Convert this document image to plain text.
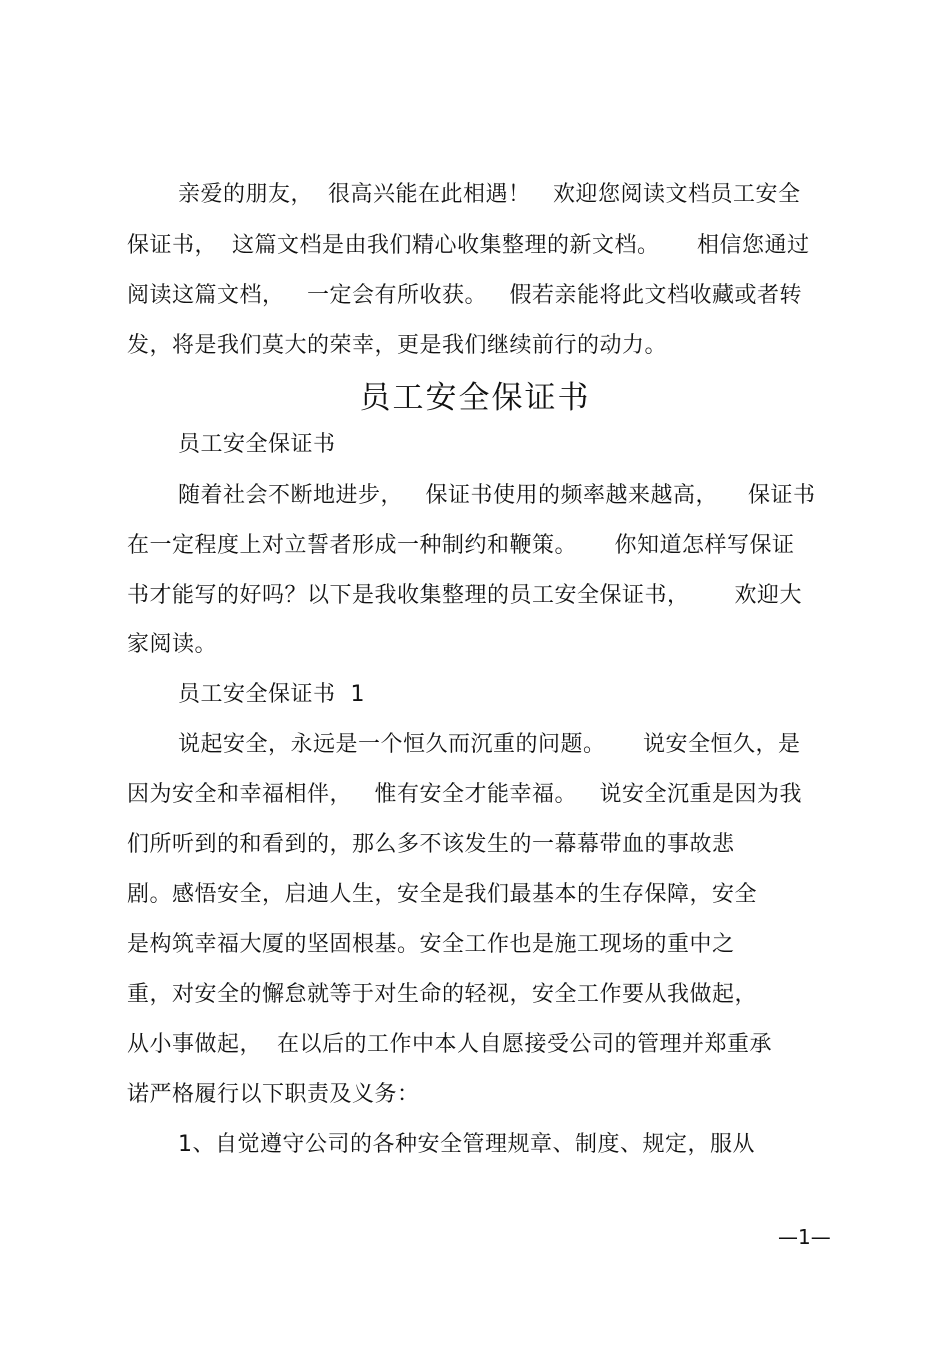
亲爱的朋友，  很高兴能在此相遇！   欢迎您阅读文档员工安全
保证书，  这篇文档是由我们精心收集整理的新文档。     相信您通过
阅读这篇文档，   一定会有所收获。   假若亲能将此文档收藏或者转
发，将是我们莫大的荣幸，更是我们继续前行的动力。
员工安全保证书
员工安全保证书
随着社会不断地进步，   保证书使用的频率越来越高，    保证书
在一定程度上对立誓者形成一种制约和鞭策。     你知道怎样写保证
书才能写的好吗？以下是我收集整理的员工安全保证书，      欢迎大
家阅读。
员工安全保证书  1
说起安全，永远是一个恒久而沉重的问题。     说安全恒久，是
因为安全和幸福相伴，   惟有安全才能幸福。   说安全沉重是因为我
们所听到的和看到的，那么多不该发生的一幕幕带血的事故悲
剧。感悟安全，启迪人生，安全是我们最基本的生存保障，安全
是构筑幸福大厦的坚固根基。安全工作也是施工现场的重中之
重，对安全的懈怠就等于对生命的轻视，安全工作要从我做起，
从小事做起，  在以后的工作中本人自愿接受公司的管理并郑重承
诺严格履行以下职责及义务：
1、自觉遵守公司的各种安全管理规章、制度、规定，服从
—1—
